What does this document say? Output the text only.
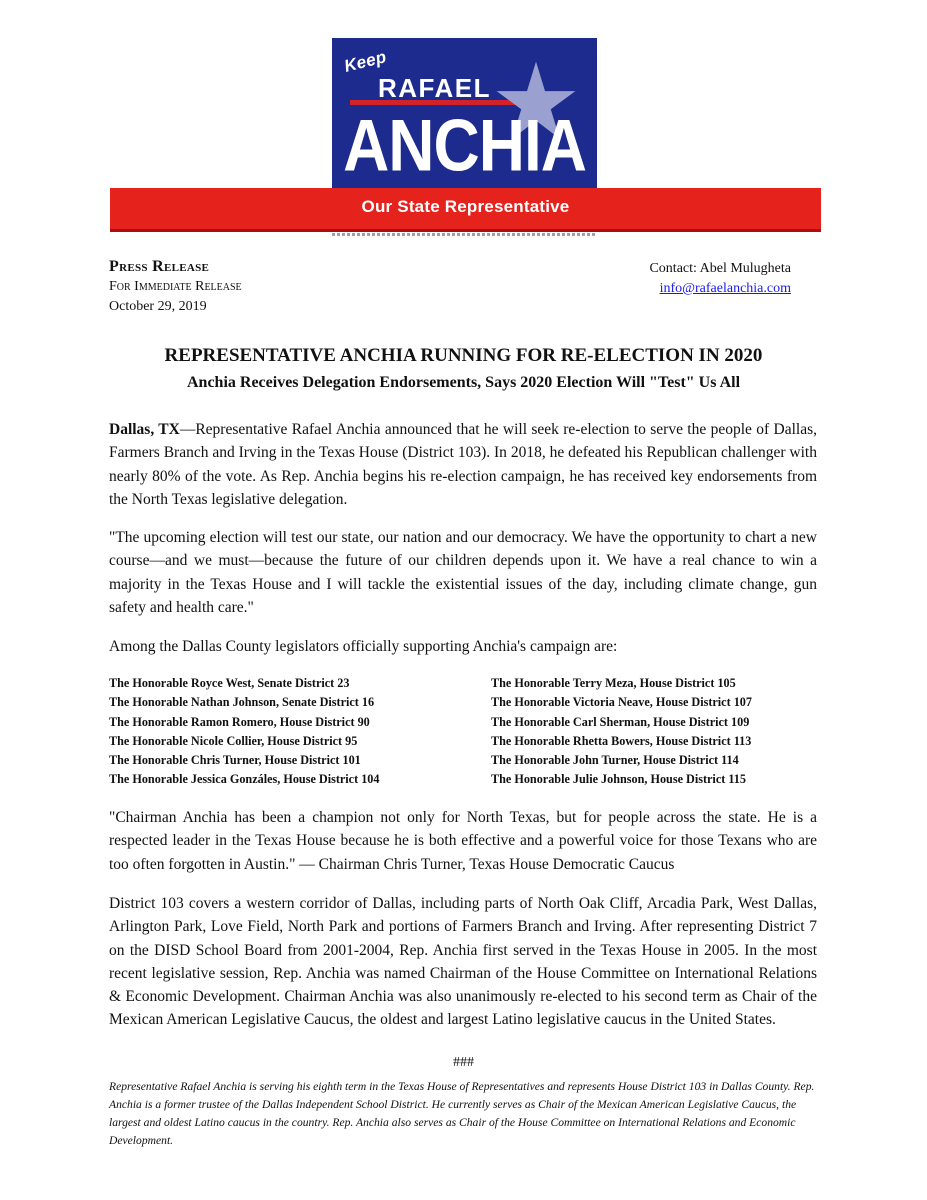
Keep
RAFAEL
ANCHIA
Our State Representative
Press Release
For Immediate Release
October 29, 2019
Contact: Abel Mulugheta
info@rafaelanchia.com
REPRESENTATIVE ANCHIA RUNNING FOR RE-ELECTION IN 2020
Anchia Receives Delegation Endorsements, Says 2020 Election Will "Test" Us All

Dallas, TX—Representative Rafael Anchia announced that he will seek re-election to serve the people of Dallas, Farmers Branch and Irving in the Texas House (District 103). In 2018, he defeated his Republican challenger with nearly 80% of the vote. As Rep. Anchia begins his re-election campaign, he has received key endorsements from the North Texas legislative delegation.

"The upcoming election will test our state, our nation and our democracy. We have the opportunity to chart a new course—and we must—because the future of our children depends upon it. We have a real chance to win a majority in the Texas House and I will tackle the existential issues of the day, including climate change, gun safety and health care."

Among the Dallas County legislators officially supporting Anchia's campaign are:

The Honorable Royce West, Senate District 23
The Honorable Nathan Johnson, Senate District 16
The Honorable Ramon Romero, House District 90
The Honorable Nicole Collier, House District 95
The Honorable Chris Turner, House District 101
The Honorable Jessica Gonzáles, House District 104
The Honorable Terry Meza, House District 105
The Honorable Victoria Neave, House District 107
The Honorable Carl Sherman, House District 109
The Honorable Rhetta Bowers, House District 113
The Honorable John Turner, House District 114
The Honorable Julie Johnson, House District 115

"Chairman Anchia has been a champion not only for North Texas, but for people across the state. He is a respected leader in the Texas House because he is both effective and a powerful voice for those Texans who are too often forgotten in Austin." — Chairman Chris Turner, Texas House Democratic Caucus

District 103 covers a western corridor of Dallas, including parts of North Oak Cliff, Arcadia Park, West Dallas, Arlington Park, Love Field, North Park and portions of Farmers Branch and Irving. After representing District 7 on the DISD School Board from 2001-2004, Rep. Anchia first served in the Texas House in 2005. In the most recent legislative session, Rep. Anchia was named Chairman of the House Committee on International Relations & Economic Development. Chairman Anchia was also unanimously re-elected to his second term as Chair of the Mexican American Legislative Caucus, the oldest and largest Latino legislative caucus in the United States.

###

Representative Rafael Anchia is serving his eighth term in the Texas House of Representatives and represents House District 103 in Dallas County. Rep. Anchia is a former trustee of the Dallas Independent School District. He currently serves as Chair of the Mexican American Legislative Caucus, the largest and oldest Latino caucus in the country. Rep. Anchia also serves as Chair of the House Committee on International Relations and Economic Development.
